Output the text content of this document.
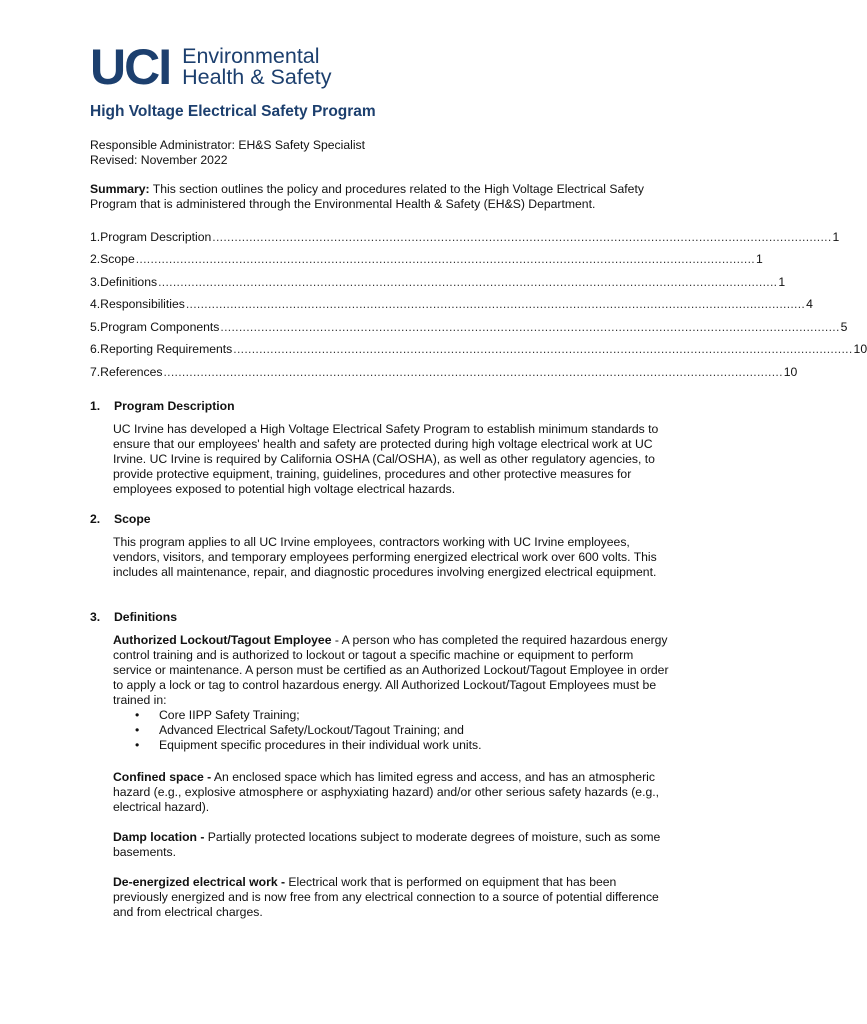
UCI Environmental
Health & Safety
High Voltage Electrical Safety Program
Responsible Administrator: EH&S Safety Specialist
Revised: November 2022
Summary: This section outlines the policy and procedures related to the High Voltage Electrical Safety Program that is administered through the Environmental Health & Safety (EH&S) Department.
1. Program Description ........................................................................................................................................................................ 1
2. Scope ........................................................................................................................................................................ 1
3. Definitions ........................................................................................................................................................................ 1
4. Responsibilities ........................................................................................................................................................................ 4
5. Program Components ........................................................................................................................................................................ 5
6. Reporting Requirements ........................................................................................................................................................................ 10
7. References ........................................................................................................................................................................ 10
1. Program Description
UC Irvine has developed a High Voltage Electrical Safety Program to establish minimum standards to ensure that our employees' health and safety are protected during high voltage electrical work at UC Irvine. UC Irvine is required by California OSHA (Cal/OSHA), as well as other regulatory agencies, to provide protective equipment, training, guidelines, procedures and other protective measures for employees exposed to potential high voltage electrical hazards.
2. Scope
This program applies to all UC Irvine employees, contractors working with UC Irvine employees, vendors, visitors, and temporary employees performing energized electrical work over 600 volts. This includes all maintenance, repair, and diagnostic procedures involving energized electrical equipment.
3. Definitions
Authorized Lockout/Tagout Employee - A person who has completed the required hazardous energy control training and is authorized to lockout or tagout a specific machine or equipment to perform service or maintenance. A person must be certified as an Authorized Lockout/Tagout Employee in order to apply a lock or tag to control hazardous energy. All Authorized Lockout/Tagout Employees must be trained in:
• Core IIPP Safety Training;
• Advanced Electrical Safety/Lockout/Tagout Training; and
• Equipment specific procedures in their individual work units.
Confined space - An enclosed space which has limited egress and access, and has an atmospheric hazard (e.g., explosive atmosphere or asphyxiating hazard) and/or other serious safety hazards (e.g., electrical hazard).
Damp location - Partially protected locations subject to moderate degrees of moisture, such as some basements.
De-energized electrical work - Electrical work that is performed on equipment that has been previously energized and is now free from any electrical connection to a source of potential difference and from electrical charges.
